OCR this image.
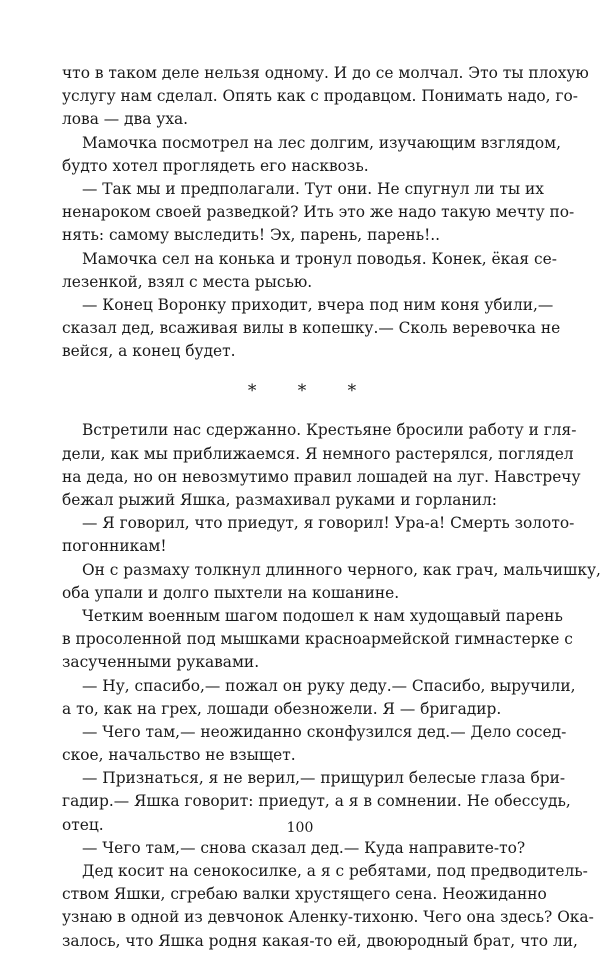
что в таком деле нельзя одному. И до се молчал. Это ты плохую
услугу нам сделал. Опять как с продавцом. Понимать надо, го-
лова — два уха.
Мамочка посмотрел на лес долгим, изучающим взглядом,
будто хотел проглядеть его насквозь.
— Так мы и предполагали. Тут они. Не спугнул ли ты их
ненароком своей разведкой? Ить это же надо такую мечту по-
нять: самому выследить! Эх, парень, парень!..
Мамочка сел на конька и тронул поводья. Конек, ёкая се-
лезенкой, взял с места рысью.
— Конец Воронку приходит, вчера под ним коня убили,—
сказал дед, всаживая вилы в копешку.— Сколь веревочка не
вейся, а конец будет.
* * *
Встретили нас сдержанно. Крестьяне бросили работу и гля-
дели, как мы приближаемся. Я немного растерялся, поглядел
на деда, но он невозмутимо правил лошадей на луг. Навстречу
бежал рыжий Яшка, размахивал руками и горланил:
— Я говорил, что приедут, я говорил! Ура-а! Смерть золото-
погонникам!
Он с размаху толкнул длинного черного, как грач, мальчишку,
оба упали и долго пыхтели на кошанине.
Четким военным шагом подошел к нам худощавый парень
в просоленной под мышками красноармейской гимнастерке с
засученными рукавами.
— Ну, спасибо,— пожал он руку деду.— Спасибо, выручили,
а то, как на грех, лошади обезножели. Я — бригадир.
— Чего там,— неожиданно сконфузился дед.— Дело сосед-
ское, начальство не взыщет.
— Признаться, я не верил,— прищурил белесые глаза бри-
гадир.— Яшка говорит: приедут, а я в сомнении. Не обессудь,
отец.
— Чего там,— снова сказал дед.— Куда направите-то?
Дед косит на сенокосилке, а я с ребятами, под предводитель-
ством Яшки, сгребаю валки хрустящего сена. Неожиданно
узнаю в одной из девчонок Аленку-тихоню. Чего она здесь? Ока-
залось, что Яшка родня какая-то ей, двоюродный брат, что ли,
100
